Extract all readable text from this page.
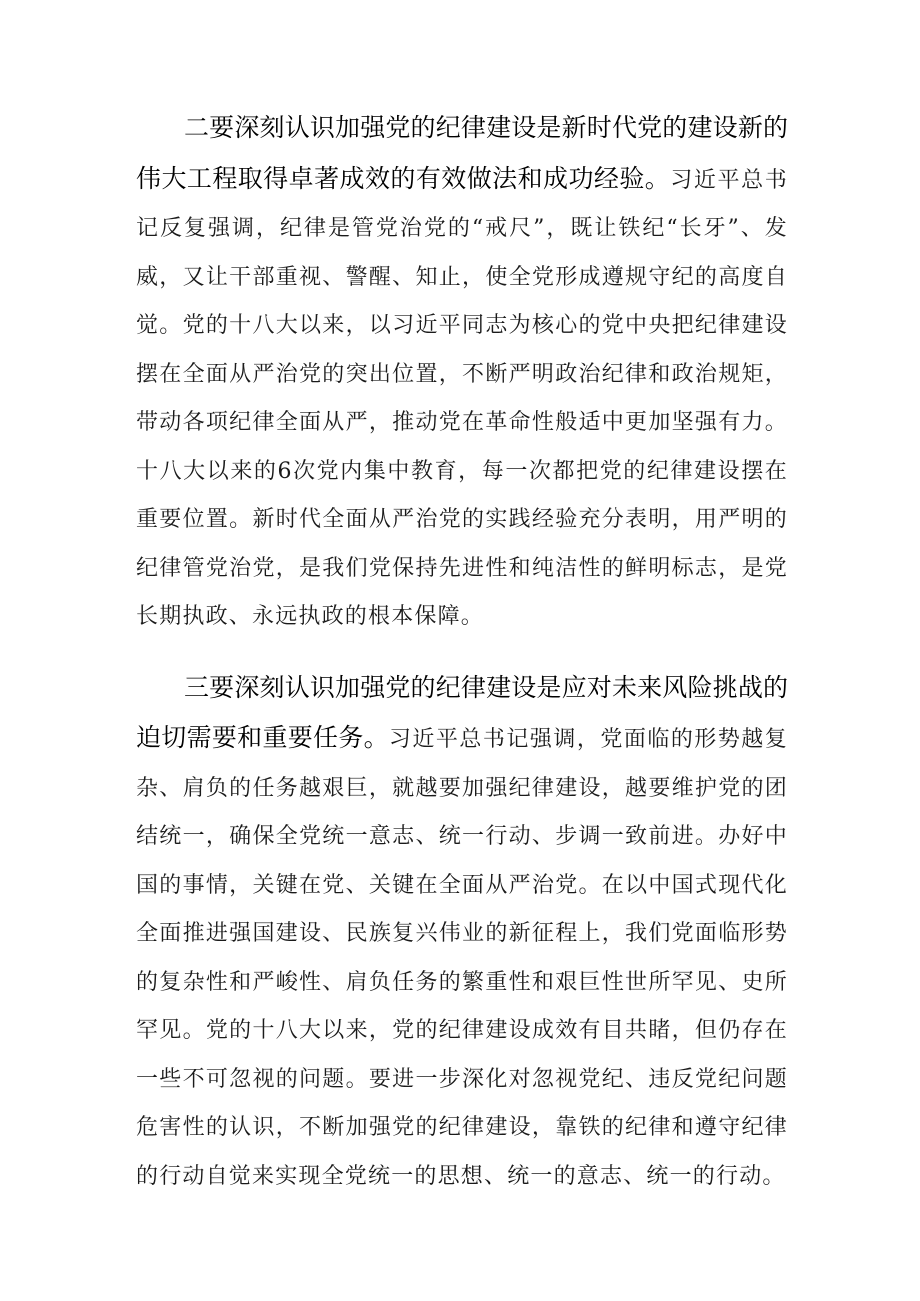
二要深刻认识加强党的纪律建设是新时代党的建设新的伟大工程取得卓著成效的有效做法和成功经验。习近平总书记反复强调，纪律是管党治党的“戒尺”，既让铁纪“长牙”、发威，又让干部重视、警醒、知止，使全党形成遵规守纪的高度自觉。党的十八大以来，以习近平同志为核心的党中央把纪律建设摆在全面从严治党的突出位置，不断严明政治纪律和政治规矩，带动各项纪律全面从严，推动党在革命性般适中更加坚强有力。十八大以来的6次党内集中教育，每一次都把党的纪律建设摆在重要位置。新时代全面从严治党的实践经验充分表明，用严明的纪律管党治党，是我们党保持先进性和纯洁性的鲜明标志，是党长期执政、永远执政的根本保障。

三要深刻认识加强党的纪律建设是应对未来风险挑战的迫切需要和重要任务。习近平总书记强调，党面临的形势越复杂、肩负的任务越艰巨，就越要加强纪律建设，越要维护党的团结统一，确保全党统一意志、统一行动、步调一致前进。办好中国的事情，关键在党、关键在全面从严治党。在以中国式现代化全面推进强国建设、民族复兴伟业的新征程上，我们党面临形势的复杂性和严峻性、肩负任务的繁重性和艰巨性世所罕见、史所罕见。党的十八大以来，党的纪律建设成效有目共睹，但仍存在一些不可忽视的问题。要进一步深化对忽视党纪、违反党纪问题危害性的认识，不断加强党的纪律建设，靠铁的纪律和遵守纪律的行动自觉来实现全党统一的思想、统一的意志、统一的行动。
